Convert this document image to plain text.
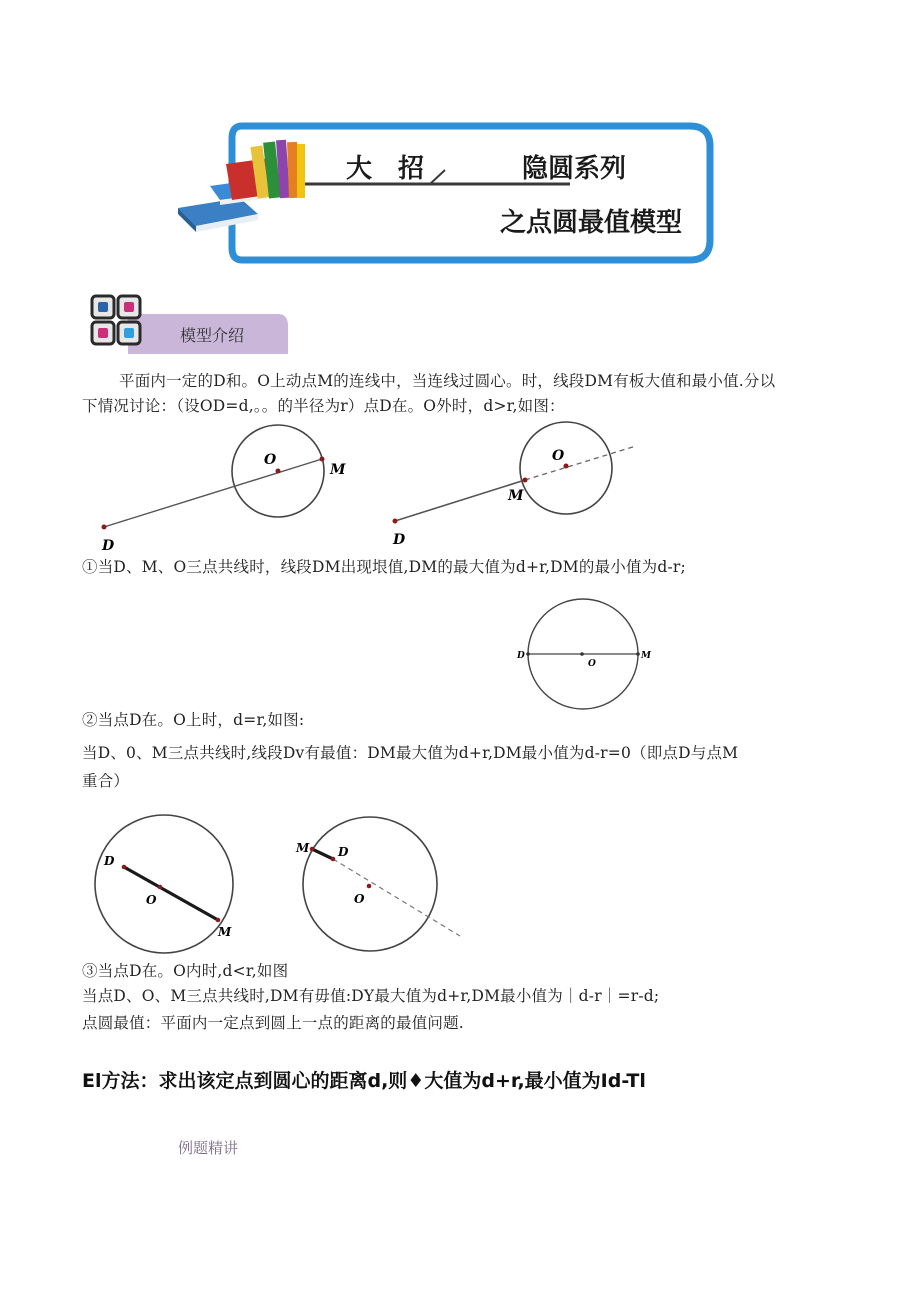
大　招	隐圆系列
之点圆最值模型
模型介绍
平面内一定的D和。O上动点M的连线中，当连线过圆心。时，线段DM有板大值和最小值.分以
下情况讨论：（设OD=d,。。的半径为r）点D在。O外时，d>r,如图：
O
M
D
O
M
D
①当D、M、O三点共线时，线段DM出现垠值,DM的最大值为d+r,DM的最小值为d-r;
D
O
M
②当点D在。O上时，d=r,如图:
当D、0、M三点共线时,线段Dv有最值：DM最大值为d+r,DM最小值为d-r=0（即点D与点M
重合）
D
O
M
M D
O
③当点D在。O内时,d<r,如图
当点D、O、M三点共线时,DM有毋值:DY最大值为d+r,DM最小值为｜d-r｜=r-d;
点圆最值：平面内一定点到圆上一点的距离的最值问题.
El方法：求出该定点到圆心的距离d,则♦大值为d+r,最小值为Id-Tl
例题精讲
